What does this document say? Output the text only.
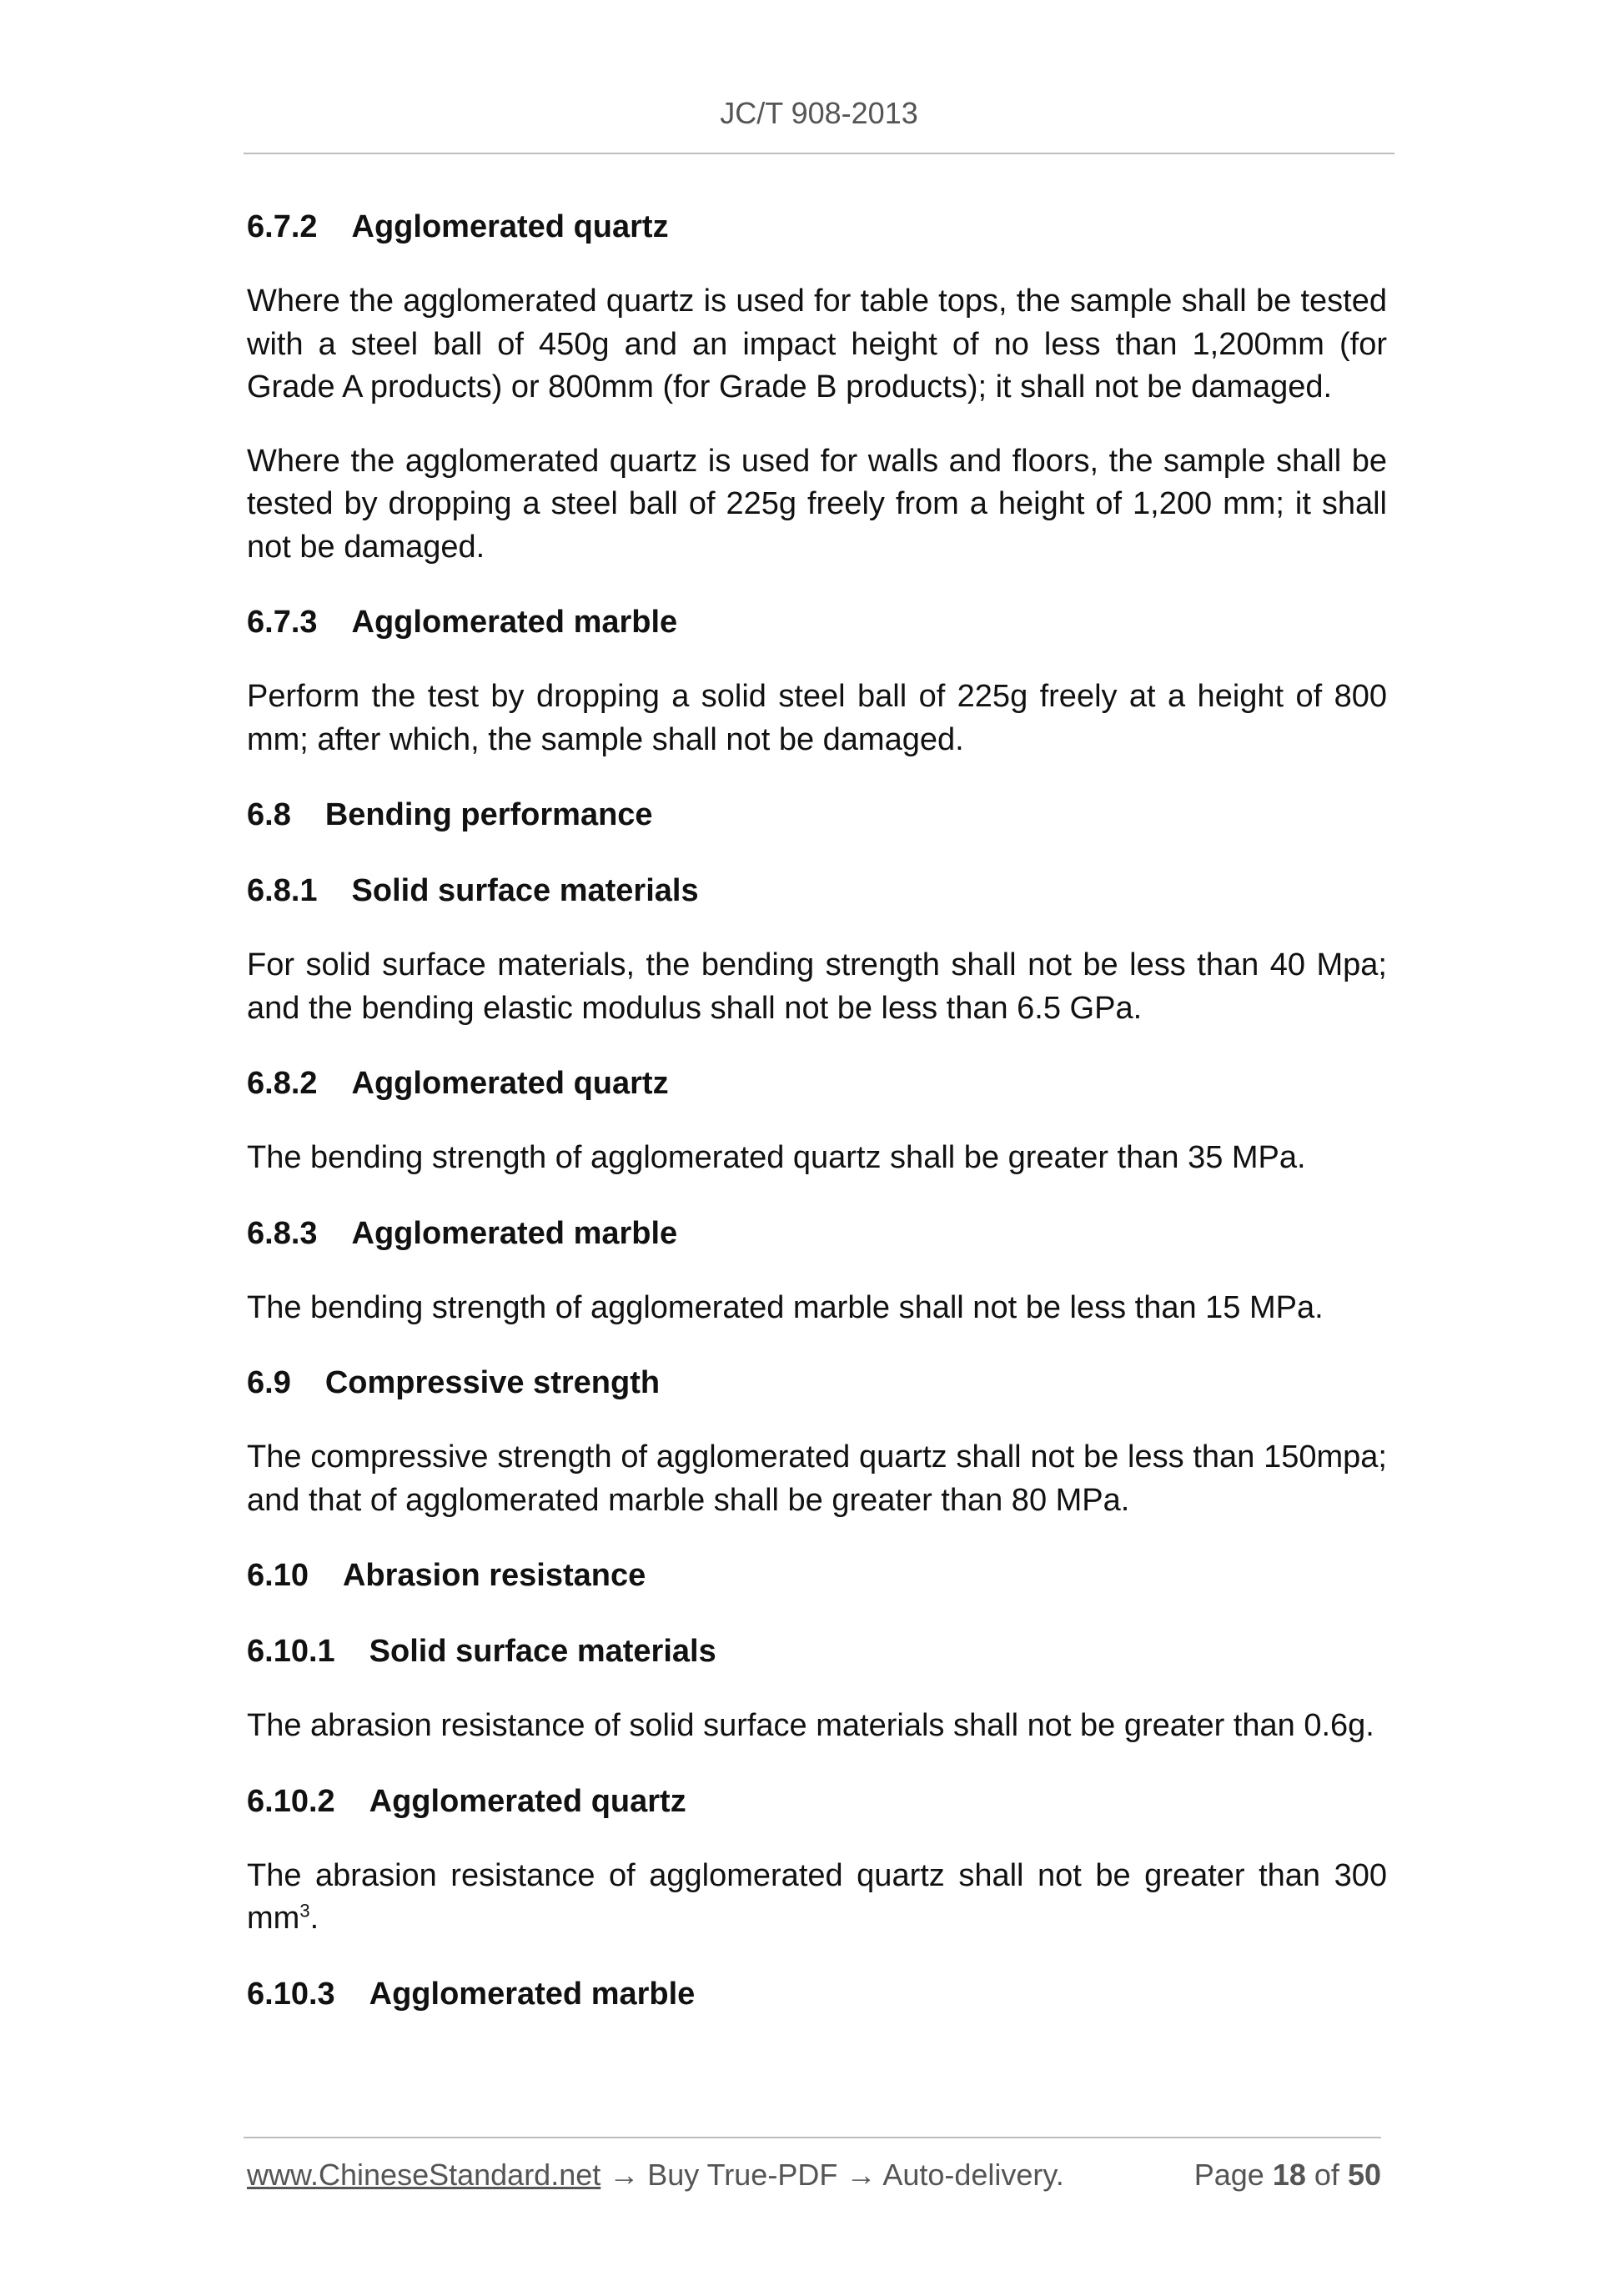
JC/T 908-2013
6.7.2 Agglomerated quartz

Where the agglomerated quartz is used for table tops, the sample shall be tested with a steel ball of 450g and an impact height of no less than 1,200mm (for Grade A products) or 800mm (for Grade B products); it shall not be damaged.

Where the agglomerated quartz is used for walls and floors, the sample shall be tested by dropping a steel ball of 225g freely from a height of 1,200 mm; it shall not be damaged.

6.7.3 Agglomerated marble

Perform the test by dropping a solid steel ball of 225g freely at a height of 800 mm; after which, the sample shall not be damaged.

6.8 Bending performance
6.8.1 Solid surface materials

For solid surface materials, the bending strength shall not be less than 40 Mpa; and the bending elastic modulus shall not be less than 6.5 GPa.

6.8.2 Agglomerated quartz

The bending strength of agglomerated quartz shall be greater than 35 MPa.

6.8.3 Agglomerated marble

The bending strength of agglomerated marble shall not be less than 15 MPa.

6.9 Compressive strength

The compressive strength of agglomerated quartz shall not be less than 150mpa; and that of agglomerated marble shall be greater than 80 MPa.

6.10 Abrasion resistance
6.10.1 Solid surface materials

The abrasion resistance of solid surface materials shall not be greater than 0.6g.

6.10.2 Agglomerated quartz

The abrasion resistance of agglomerated quartz shall not be greater than 300 $mm^3$.

6.10.3 Agglomerated marble
www.ChineseStandard.net → Buy True-PDF → Auto-delivery.	Page 18 of 50
